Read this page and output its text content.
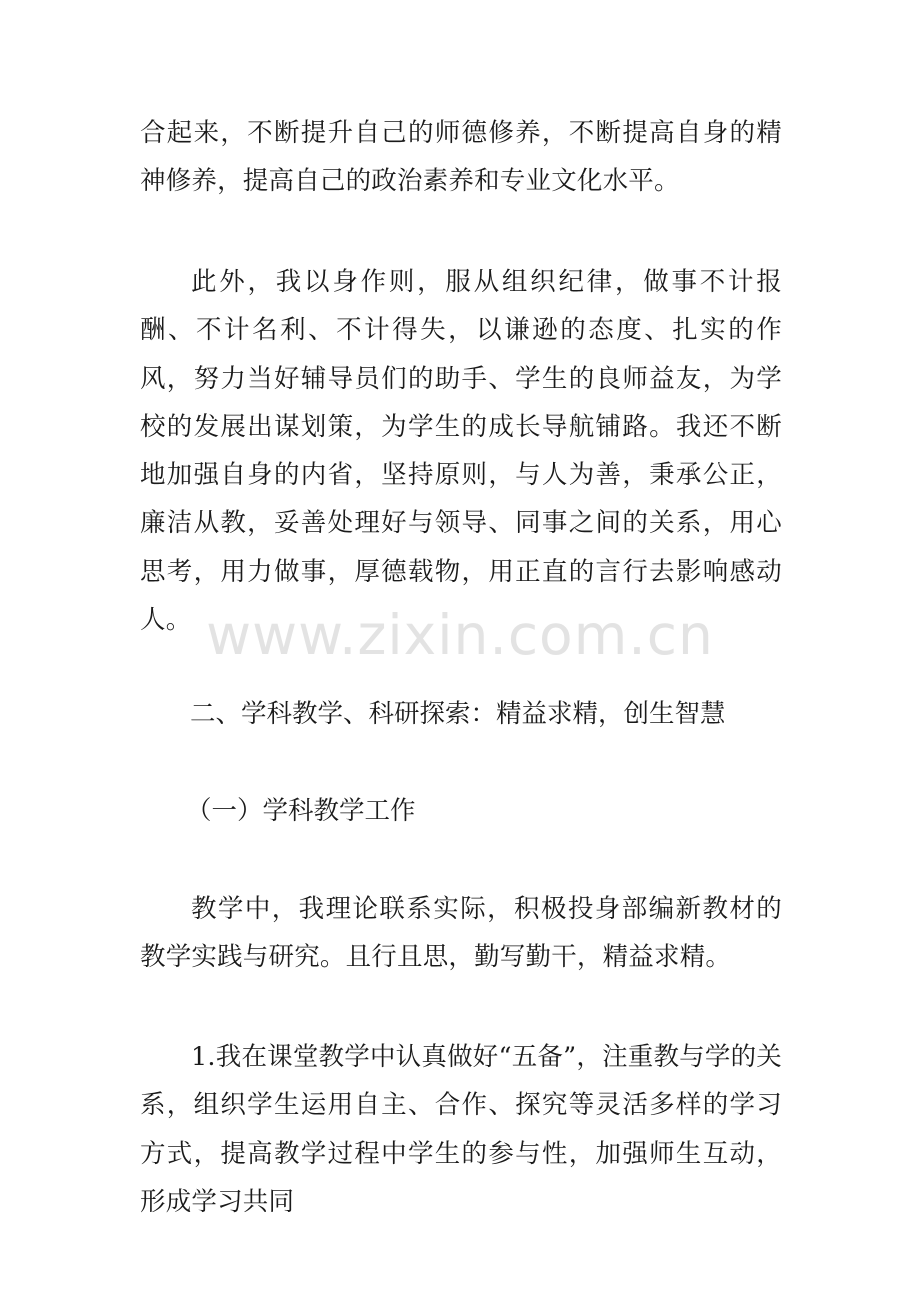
合起来，不断提升自己的师德修养，不断提高自身的精神修养，提高自己的政治素养和专业文化水平。

此外，我以身作则，服从组织纪律，做事不计报酬、不计名利、不计得失，以谦逊的态度、扎实的作风，努力当好辅导员们的助手、学生的良师益友，为学校的发展出谋划策，为学生的成长导航铺路。我还不断地加强自身的内省，坚持原则，与人为善，秉承公正，廉洁从教，妥善处理好与领导、同事之间的关系，用心思考，用力做事，厚德载物，用正直的言行去影响感动人。 www.zixin.com.cn

二、学科教学、科研探索：精益求精，创生智慧

（一）学科教学工作

教学中，我理论联系实际，积极投身部编新教材的教学实践与研究。且行且思，勤写勤干，精益求精。

1.我在课堂教学中认真做好“五备”，注重教与学的关系，组织学生运用自主、合作、探究等灵活多样的学习方式，提高教学过程中学生的参与性，加强师生互动，形成学习共同
